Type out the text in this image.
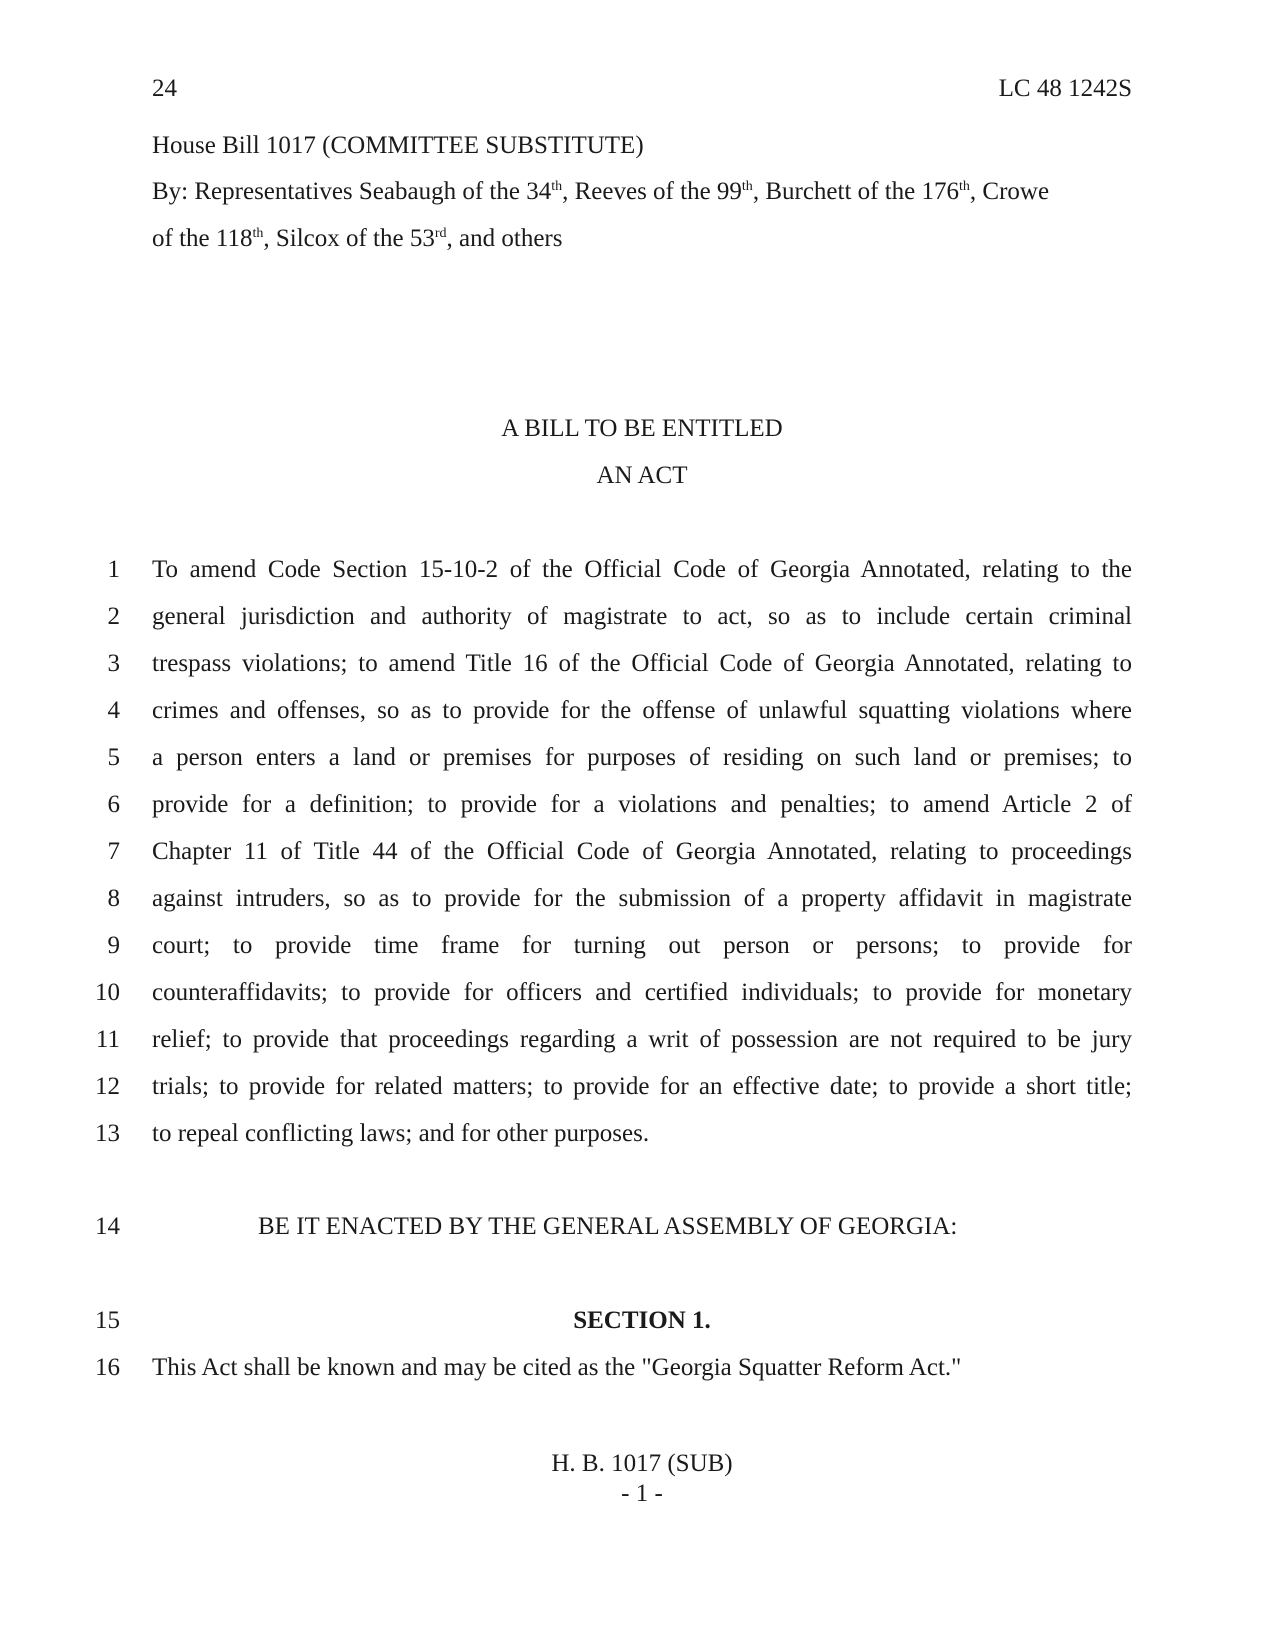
24	LC 48 1242S
House Bill 1017 (COMMITTEE SUBSTITUTE)
By: Representatives Seabaugh of the 34th, Reeves of the 99th, Burchett of the 176th, Crowe
of the 118th, Silcox of the 53rd, and others
A BILL TO BE ENTITLED
AN ACT
1 To amend Code Section 15-10-2 of the Official Code of Georgia Annotated, relating to the
2 general jurisdiction and authority of magistrate to act, so as to include certain criminal
3 trespass violations; to amend Title 16 of the Official Code of Georgia Annotated, relating to
4 crimes and offenses, so as to provide for the offense of unlawful squatting violations where
5 a person enters a land or premises for purposes of residing on such land or premises; to
6 provide for a definition; to provide for a violations and penalties; to amend Article 2 of
7 Chapter 11 of Title 44 of the Official Code of Georgia Annotated, relating to proceedings
8 against intruders, so as to provide for the submission of a property affidavit in magistrate
9 court; to provide time frame for turning out person or persons; to provide for
10 counteraffidavits; to provide for officers and certified individuals; to provide for monetary
11 relief; to provide that proceedings regarding a writ of possession are not required to be jury
12 trials; to provide for related matters; to provide for an effective date; to provide a short title;
13 to repeal conflicting laws; and for other purposes.
14	BE IT ENACTED BY THE GENERAL ASSEMBLY OF GEORGIA:
15	SECTION 1.
16 This Act shall be known and may be cited as the "Georgia Squatter Reform Act."
H. B. 1017 (SUB)
- 1 -
